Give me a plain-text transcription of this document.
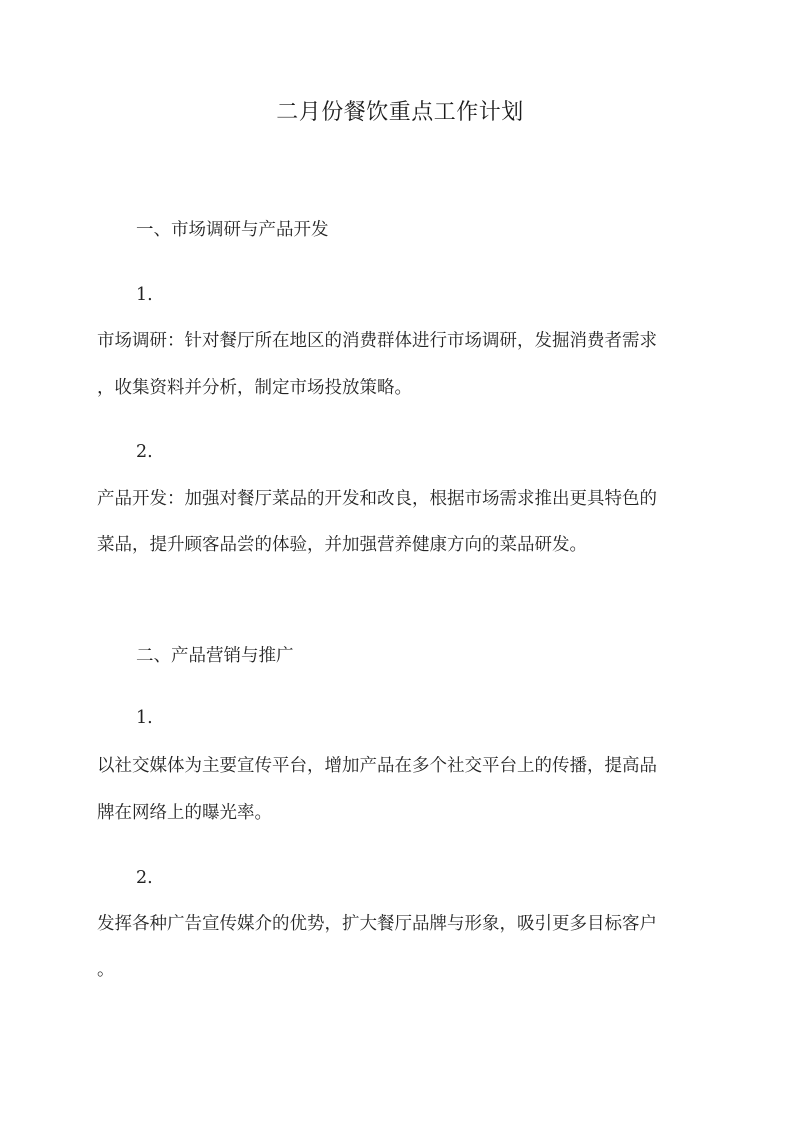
二月份餐饮重点工作计划
一、市场调研与产品开发
1.
市场调研：针对餐厅所在地区的消费群体进行市场调研，发掘消费者需求
，收集资料并分析，制定市场投放策略。
2.
产品开发：加强对餐厅菜品的开发和改良，根据市场需求推出更具特色的
菜品，提升顾客品尝的体验，并加强营养健康方向的菜品研发。
二、产品营销与推广
1.
以社交媒体为主要宣传平台，增加产品在多个社交平台上的传播，提高品
牌在网络上的曝光率。
2.
发挥各种广告宣传媒介的优势，扩大餐厅品牌与形象，吸引更多目标客户
。
